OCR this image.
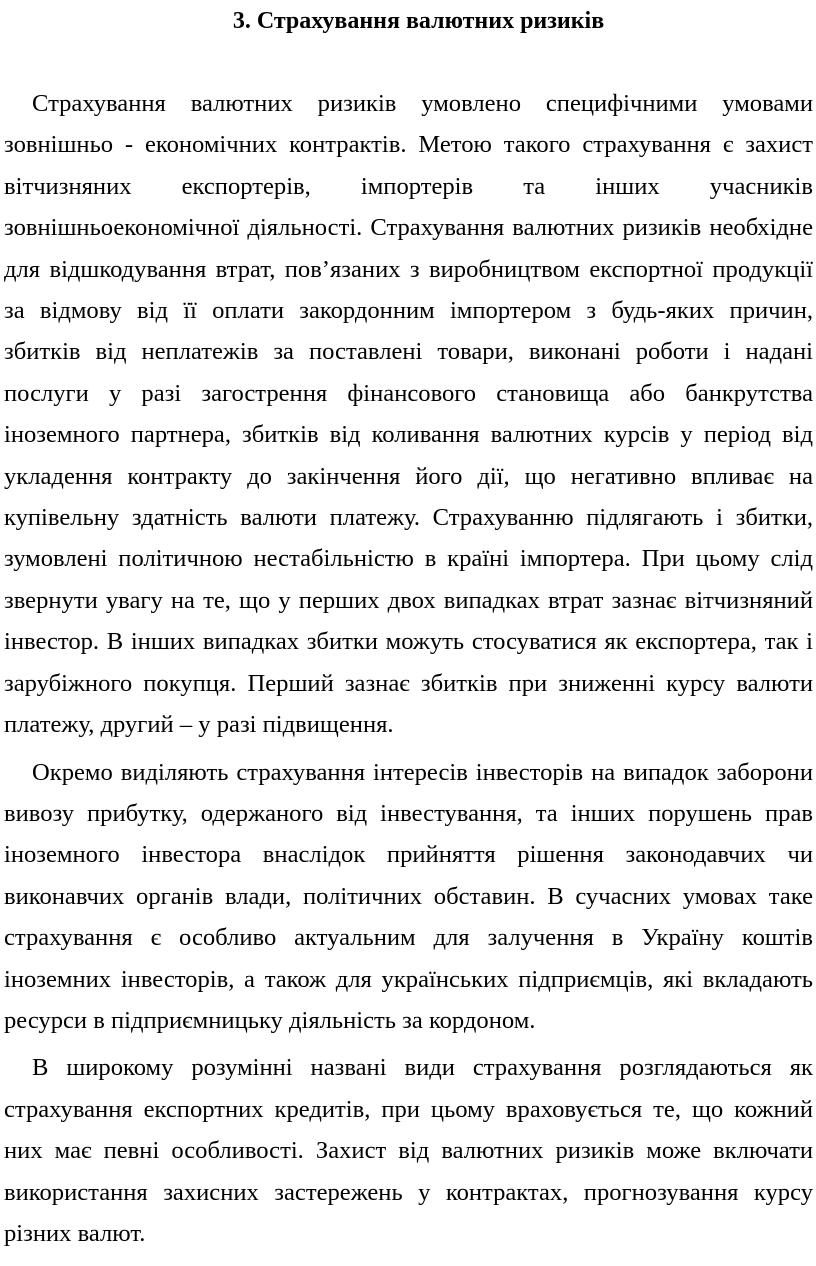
3. Страхування валютних ризиків

Страхування валютних ризиків умовлено специфічними умовами зовнішньо - економічних контрактів. Метою такого страхування є захист вітчизняних експортерів, імпортерів та інших учасників зовнішньоекономічної діяльності. Страхування валютних ризиків необхідне для відшкодування втрат, пов’язаних з виробництвом експортної продукції за відмову від її оплати закордонним імпортером з будь-яких причин, збитків від неплатежів за поставлені товари, виконані роботи і надані послуги у разі загострення фінансового становища або банкрутства іноземного партнера, збитків від коливання валютних курсів у період від укладення контракту до закінчення його дії, що негативно впливає на купівельну здатність валюти платежу. Страхуванню підлягають і збитки, зумовлені політичною нестабільністю в країні імпортера. При цьому слід звернути увагу на те, що у перших двох випадках втрат зазнає вітчизняний інвестор. В інших випадках збитки можуть стосуватися як експортера, так і зарубіжного покупця. Перший зазнає збитків при зниженні курсу валюти платежу, другий – у разі підвищення.

Окремо виділяють страхування інтересів інвесторів на випадок заборони вивозу прибутку, одержаного від інвестування, та інших порушень прав іноземного інвестора внаслідок прийняття рішення законодавчих чи виконавчих органів влади, політичних обставин. В сучасних умовах таке страхування є особливо актуальним для залучення в Україну коштів іноземних інвесторів, а також для українських підприємців, які вкладають ресурси в підприємницьку діяльність за кордоном.

В широкому розумінні названі види страхування розглядаються як страхування експортних кредитів, при цьому враховується те, що кожний них має певні особливості. Захист від валютних ризиків може включати використання захисних застережень у контрактах, прогнозування курсу різних валют.
